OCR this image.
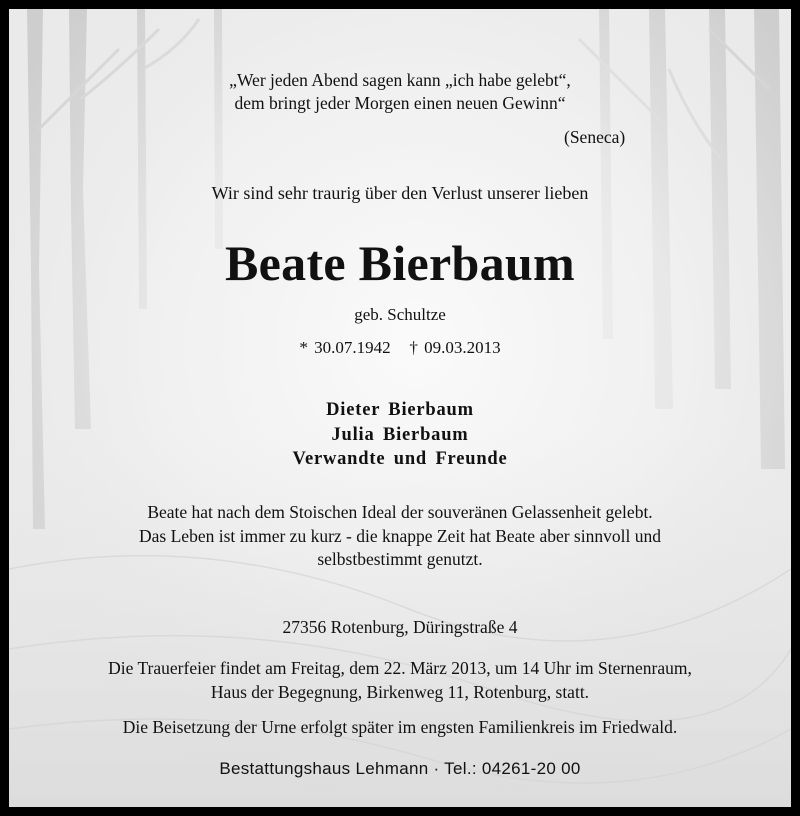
„Wer jeden Abend sagen kann „ich habe gelebt“,
dem bringt jeder Morgen einen neuen Gewinn“
(Seneca)
Wir sind sehr traurig über den Verlust unserer lieben
Beate Bierbaum
geb. Schultze
* 30.07.1942 † 09.03.2013
Dieter Bierbaum
Julia Bierbaum
Verwandte und Freunde
Beate hat nach dem Stoischen Ideal der souveränen Gelassenheit gelebt.
Das Leben ist immer zu kurz - die knappe Zeit hat Beate aber sinnvoll und
selbstbestimmt genutzt.
27356 Rotenburg, Düringstraße 4
Die Trauerfeier findet am Freitag, dem 22. März 2013, um 14 Uhr im Sternenraum,
Haus der Begegnung, Birkenweg 11, Rotenburg, statt.
Die Beisetzung der Urne erfolgt später im engsten Familienkreis im Friedwald.
Bestattungshaus Lehmann · Tel.: 04261-20 00
